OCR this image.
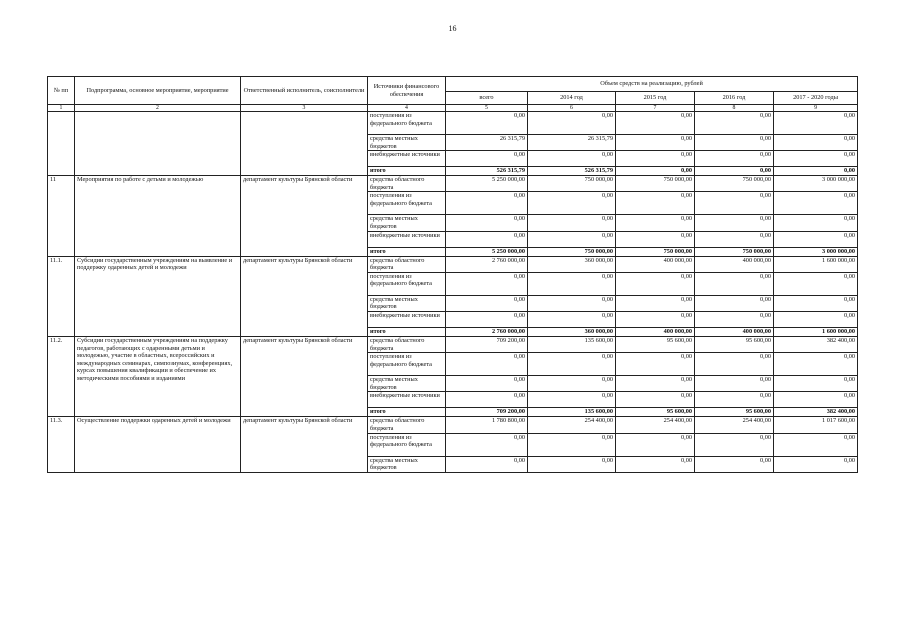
16
№ пп	Подпрограмма, основное мероприятие, мероприятие	Ответственный исполнитель, соисполнители	Источники финансового обеспечения	Объем средств на реализацию, рублей				
				всего	2014 год	2015 год	2016 год	2017 - 2020 годы
1	2	3	4	5	6	7	8	9
			поступления из федерального бюджета	0,00	0,00	0,00	0,00	0,00
			средства местных бюджетов	26 315,79	26 315,79	0,00	0,00	0,00
			внебюджетные источники	0,00	0,00	0,00	0,00	0,00
			итого	526 315,79	526 315,79	0,00	0,00	0,00
11	Мероприятия по работе с детьми и молодежью	департамент культуры Брянской области	средства областного бюджета	5 250 000,00	750 000,00	750 000,00	750 000,00	3 000 000,00
			поступления из федерального бюджета	0,00	0,00	0,00	0,00	0,00
			средства местных бюджетов	0,00	0,00	0,00	0,00	0,00
			внебюджетные источники	0,00	0,00	0,00	0,00	0,00
			итого	5 250 000,00	750 000,00	750 000,00	750 000,00	3 000 000,00
11.1.	Субсидии государственным учреждениям на выявление и поддержку одаренных детей и молодежи	департамент культуры Брянской области	средства областного бюджета	2 760 000,00	360 000,00	400 000,00	400 000,00	1 600 000,00
			поступления из федерального бюджета	0,00	0,00	0,00	0,00	0,00
			средства местных бюджетов	0,00	0,00	0,00	0,00	0,00
			внебюджетные источники	0,00	0,00	0,00	0,00	0,00
			итого	2 760 000,00	360 000,00	400 000,00	400 000,00	1 600 000,00
11.2.	Субсидии государственным учреждениям на поддержку педагогов, работающих с одаренными детьми и молодежью, участие в областных, всероссийских и международных семинарах, симпозиумах, конференциях, курсах повышения квалификации и обеспечение их методическими пособиями и изданиями	департамент культуры Брянской области	средства областного бюджета	709 200,00	135 600,00	95 600,00	95 600,00	382 400,00
			поступления из федерального бюджета	0,00	0,00	0,00	0,00	0,00
			средства местных бюджетов	0,00	0,00	0,00	0,00	0,00
			внебюджетные источники	0,00	0,00	0,00	0,00	0,00
			итого	709 200,00	135 600,00	95 600,00	95 600,00	382 400,00
11.3.	Осуществление поддержки одаренных детей и молодежи	департамент культуры Брянской области	средства областного бюджета	1 780 800,00	254 400,00	254 400,00	254 400,00	1 017 600,00
			поступления из федерального бюджета	0,00	0,00	0,00	0,00	0,00
			средства местных бюджетов	0,00	0,00	0,00	0,00	0,00
